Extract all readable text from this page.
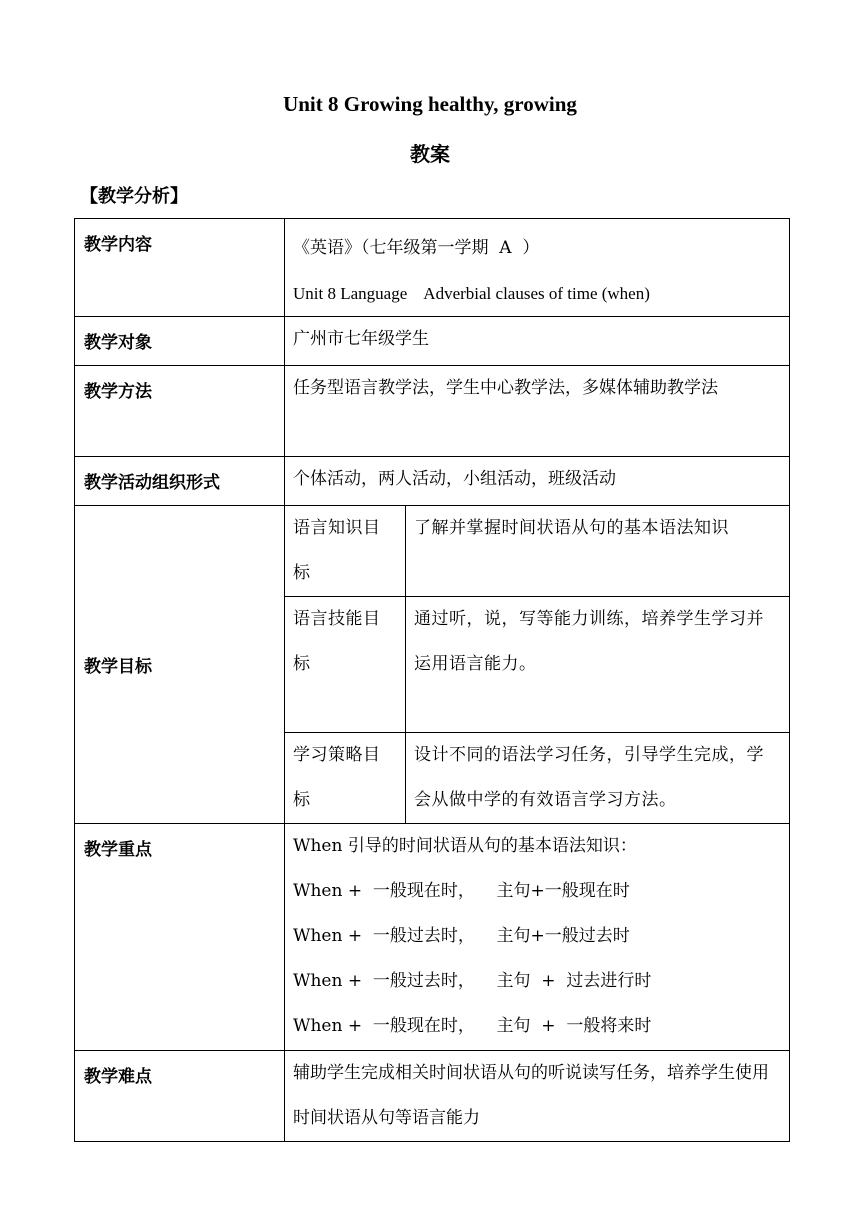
Unit 8 Growing healthy, growing
教案
【教学分析】
教学内容	《英语》（七年级第一学期  A  ）
Unit 8 Language    Adverbial clauses of time (when)	

教学对象	广州市七年级学生	

教学方法	任务型语言教学法，学生中心教学法，多媒体辅助教学法	

教学活动组织形式	个体活动，两人活动，小组活动，班级活动	

教学目标	语言知识目标	了解并掌握时间状语从句的基本语法知识
	语言技能目标	通过听，说，写等能力训练，培养学生学习并运用语言能力。
	学习策略目标	设计不同的语法学习任务，引导学生完成，学会从做中学的有效语言学习方法。
教学重点	When 引导的时间状语从句的基本语法知识：
When +  一般现在时，    主句+一般现在时
When +  一般过去时，    主句+一般过去时
When +  一般过去时，    主句  +  过去进行时
When +  一般现在时，    主句  +  一般将来时	

教学难点	辅助学生完成相关时间状语从句的听说读写任务，培养学生使用时间状语从句等语言能力	
